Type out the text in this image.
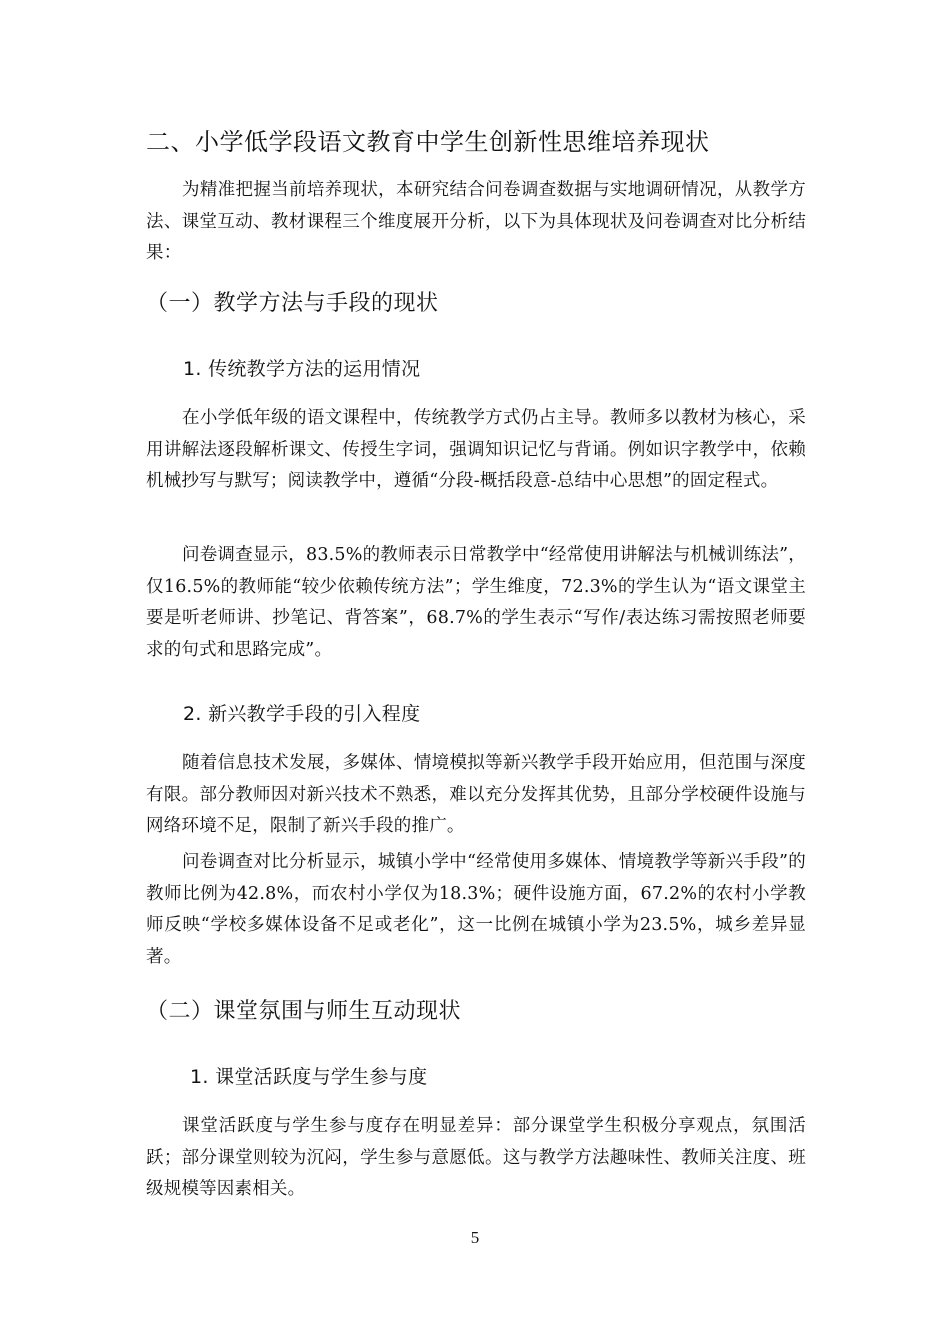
二、小学低学段语文教育中学生创新性思维培养现状
为精准把握当前培养现状，本研究结合问卷调查数据与实地调研情况，从教学方法、课堂互动、教材课程三个维度展开分析，以下为具体现状及问卷调查对比分析结果：
（一）教学方法与手段的现状
1. 传统教学方法的运用情况
在小学低年级的语文课程中，传统教学方式仍占主导。教师多以教材为核心，采用讲解法逐段解析课文、传授生字词，强调知识记忆与背诵。例如识字教学中，依赖机械抄写与默写；阅读教学中，遵循“分段-概括段意-总结中心思想”的固定程式。
问卷调查显示，83.5%的教师表示日常教学中“经常使用讲解法与机械训练法”，仅16.5%的教师能“较少依赖传统方法”；学生维度，72.3%的学生认为“语文课堂主要是听老师讲、抄笔记、背答案”，68.7%的学生表示“写作/表达练习需按照老师要求的句式和思路完成”。
2. 新兴教学手段的引入程度
随着信息技术发展，多媒体、情境模拟等新兴教学手段开始应用，但范围与深度有限。部分教师因对新兴技术不熟悉，难以充分发挥其优势，且部分学校硬件设施与网络环境不足，限制了新兴手段的推广。
问卷调查对比分析显示，城镇小学中“经常使用多媒体、情境教学等新兴手段”的教师比例为42.8%，而农村小学仅为18.3%；硬件设施方面，67.2%的农村小学教师反映“学校多媒体设备不足或老化”，这一比例在城镇小学为23.5%，城乡差异显著。
（二）课堂氛围与师生互动现状
1. 课堂活跃度与学生参与度
课堂活跃度与学生参与度存在明显差异：部分课堂学生积极分享观点，氛围活跃；部分课堂则较为沉闷，学生参与意愿低。这与教学方法趣味性、教师关注度、班级规模等因素相关。
5
